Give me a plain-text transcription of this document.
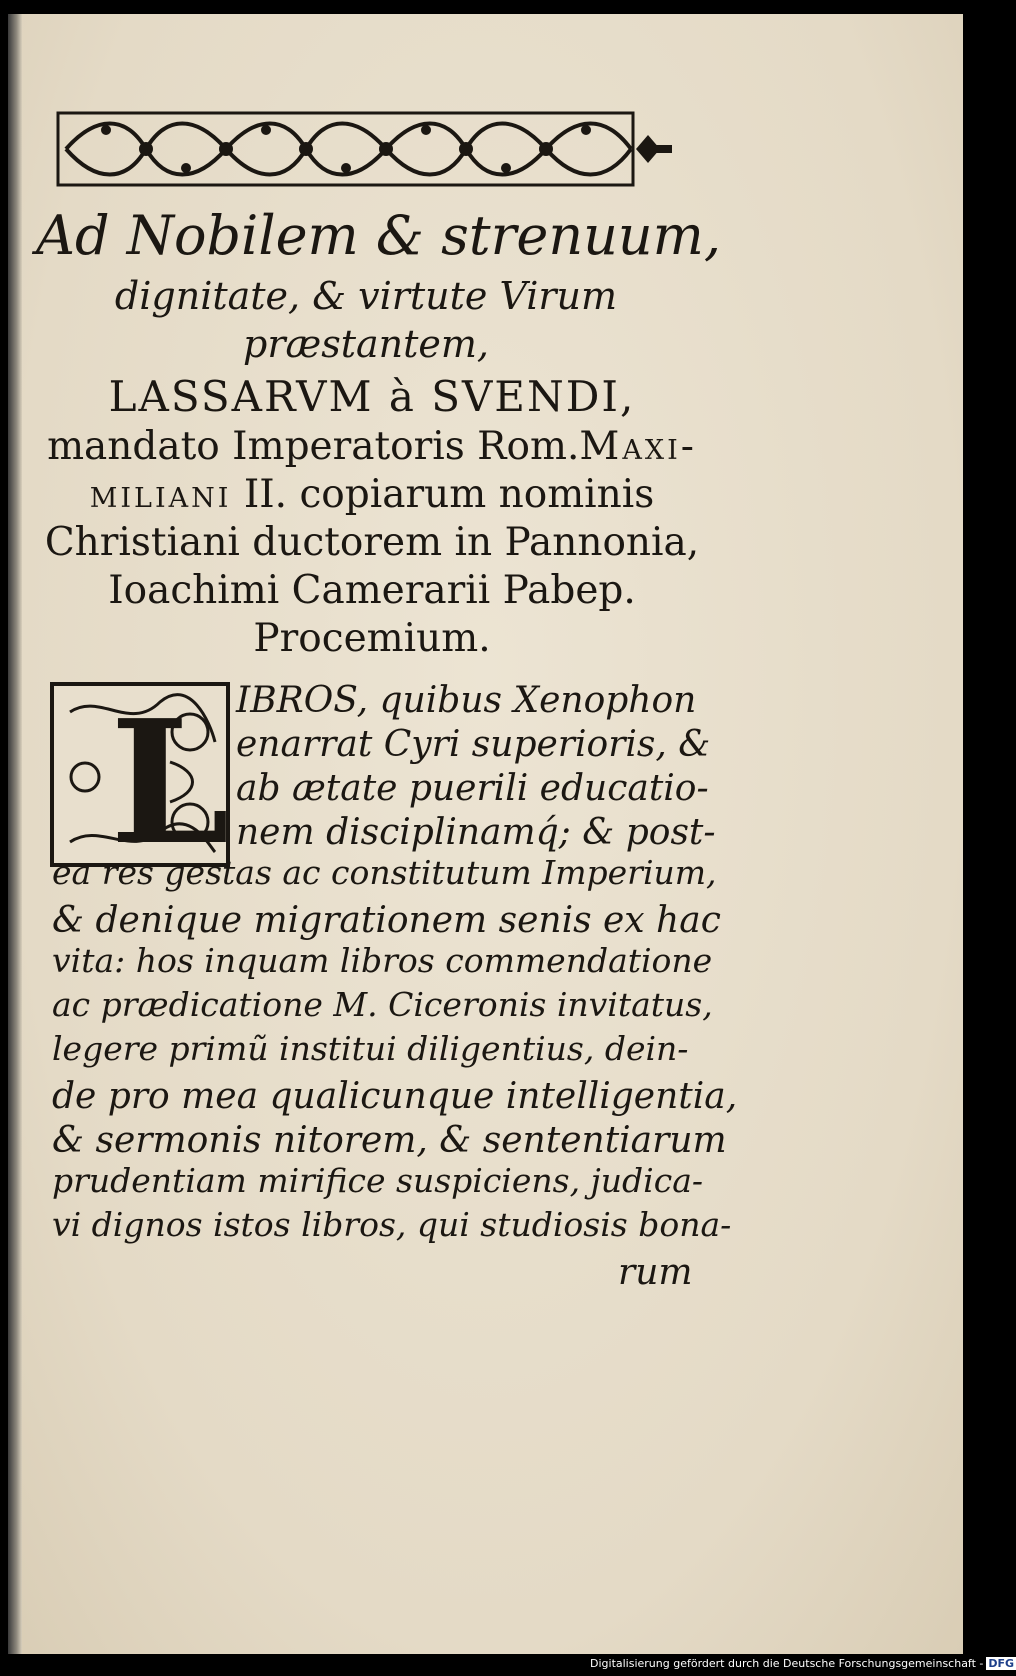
Ad Nobilem & strenuum,

dignitate, & virtute Virum

præstantem,

LASSARVM à SVENDI,

mandato Imperatoris Rom.Maxi-

miliani II. copiarum nominis

Christiani ductorem in Pannonia,

Ioachimi Camerarii Pabep.

Procemium.

L IBROS, quibus Xenophon

enarrat Cyri superioris, &

ab ætate puerili educatio-

nem disciplinamq́; & post-

ea res gestas ac constitutum Imperium,

& denique migrationem senis ex hac

vita: hos inquam libros commendatione

ac prædicatione M. Ciceronis invitatus,

legere primũ institui diligentius, dein-

de pro mea qualicunque intelligentia,

& sermonis nitorem, & sententiarum

prudentiam mirifice suspiciens, judica-

vi dignos istos libros, qui studiosis bona-

rum

Digitalisierung gefördert durch die Deutsche Forschungsgemeinschaft - DFG
